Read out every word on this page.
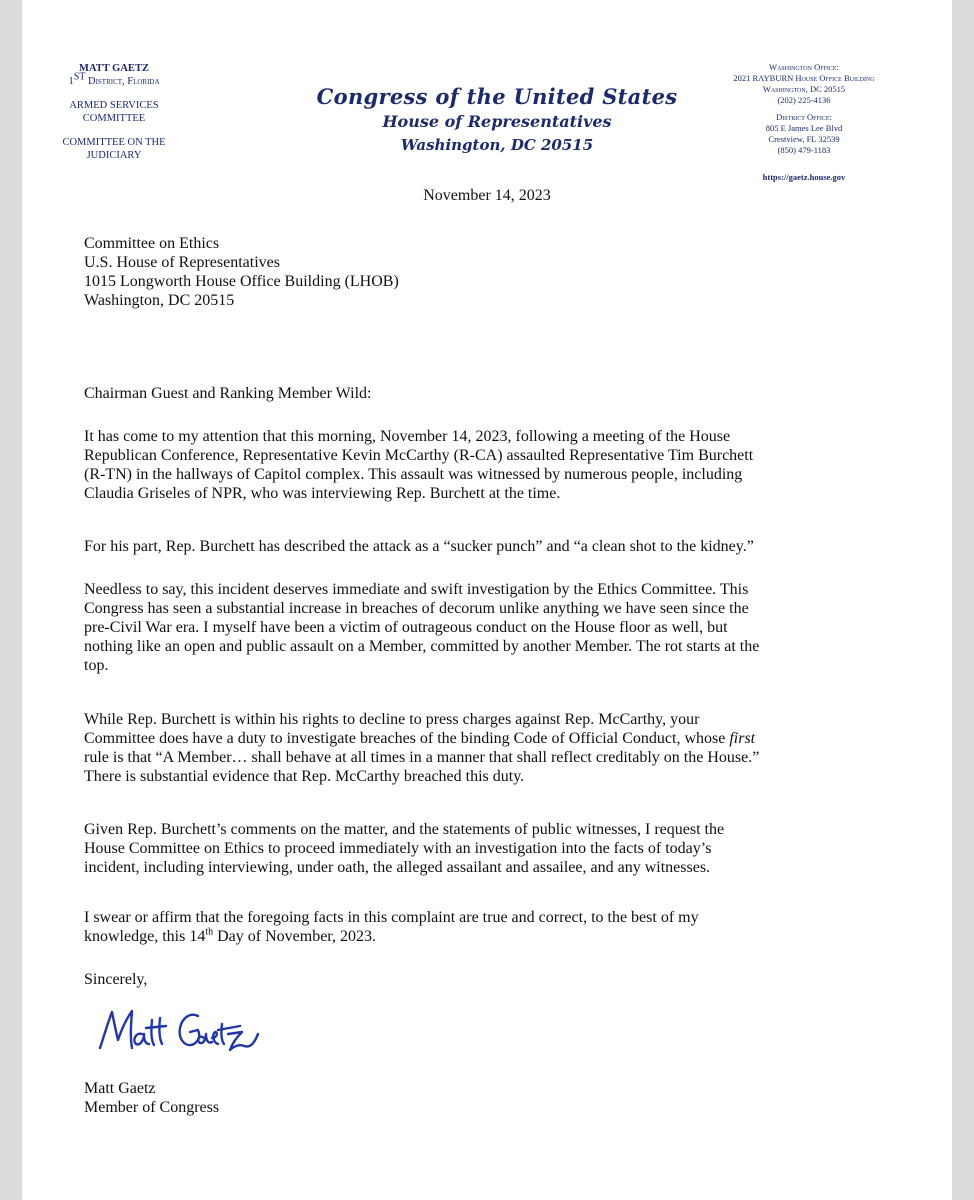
MATT GAETZ
1ST District, Florida
ARMED SERVICES
COMMITTEE
COMMITTEE ON THE
JUDICIARY
Congress of the United States
House of Representatives
Washington, DC 20515
Washington Office:
2021 RAYBURN House Office Building
Washington, DC 20515
(202) 225-4136
District Office:
805 E James Lee Blvd
Crestview, FL 32539
(850) 479-1183
https://gaetz.house.gov
November 14, 2023
Committee on Ethics
U.S. House of Representatives
1015 Longworth House Office Building (LHOB)
Washington, DC 20515
Chairman Guest and Ranking Member Wild:
It has come to my attention that this morning, November 14, 2023, following a meeting of the House
Republican Conference, Representative Kevin McCarthy (R-CA) assaulted Representative Tim Burchett
(R-TN) in the hallways of Capitol complex. This assault was witnessed by numerous people, including
Claudia Griseles of NPR, who was interviewing Rep. Burchett at the time.
For his part, Rep. Burchett has described the attack as a “sucker punch” and “a clean shot to the kidney.”
Needless to say, this incident deserves immediate and swift investigation by the Ethics Committee. This
Congress has seen a substantial increase in breaches of decorum unlike anything we have seen since the
pre-Civil War era. I myself have been a victim of outrageous conduct on the House floor as well, but
nothing like an open and public assault on a Member, committed by another Member. The rot starts at the
top.
While Rep. Burchett is within his rights to decline to press charges against Rep. McCarthy, your
Committee does have a duty to investigate breaches of the binding Code of Official Conduct, whose first
rule is that “A Member… shall behave at all times in a manner that shall reflect creditably on the House.”
There is substantial evidence that Rep. McCarthy breached this duty.
Given Rep. Burchett’s comments on the matter, and the statements of public witnesses, I request the
House Committee on Ethics to proceed immediately with an investigation into the facts of today’s
incident, including interviewing, under oath, the alleged assailant and assailee, and any witnesses.
I swear or affirm that the foregoing facts in this complaint are true and correct, to the best of my
knowledge, this 14th Day of November, 2023.
Sincerely,
Matt Gaetz
Member of Congress
